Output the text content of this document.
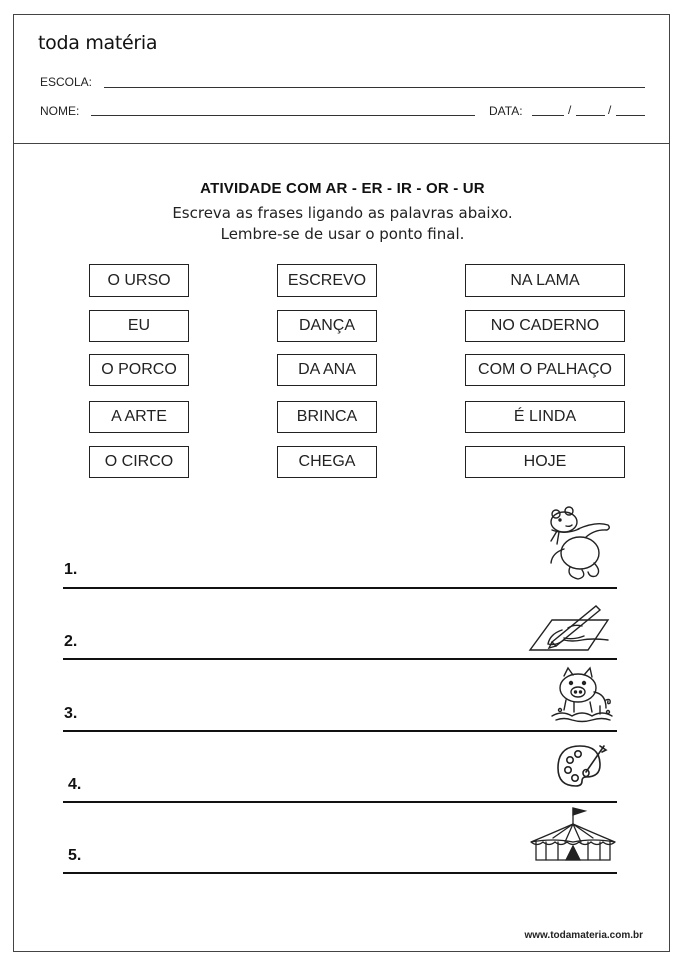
toda matéria
ESCOLA:
NOME:	DATA:	/	/
ATIVIDADE COM AR - ER - IR - OR - UR
Escreva as frases ligando as palavras abaixo.
Lembre-se de usar o ponto final.
O URSO
EU
O PORCO
A ARTE
O CIRCO
ESCREVO
DANÇA
DA ANA
BRINCA
CHEGA
NA LAMA
NO CADERNO
COM O PALHAÇO
É LINDA
HOJE
1.
2.
3.
4.
5.
www.todamateria.com.br
